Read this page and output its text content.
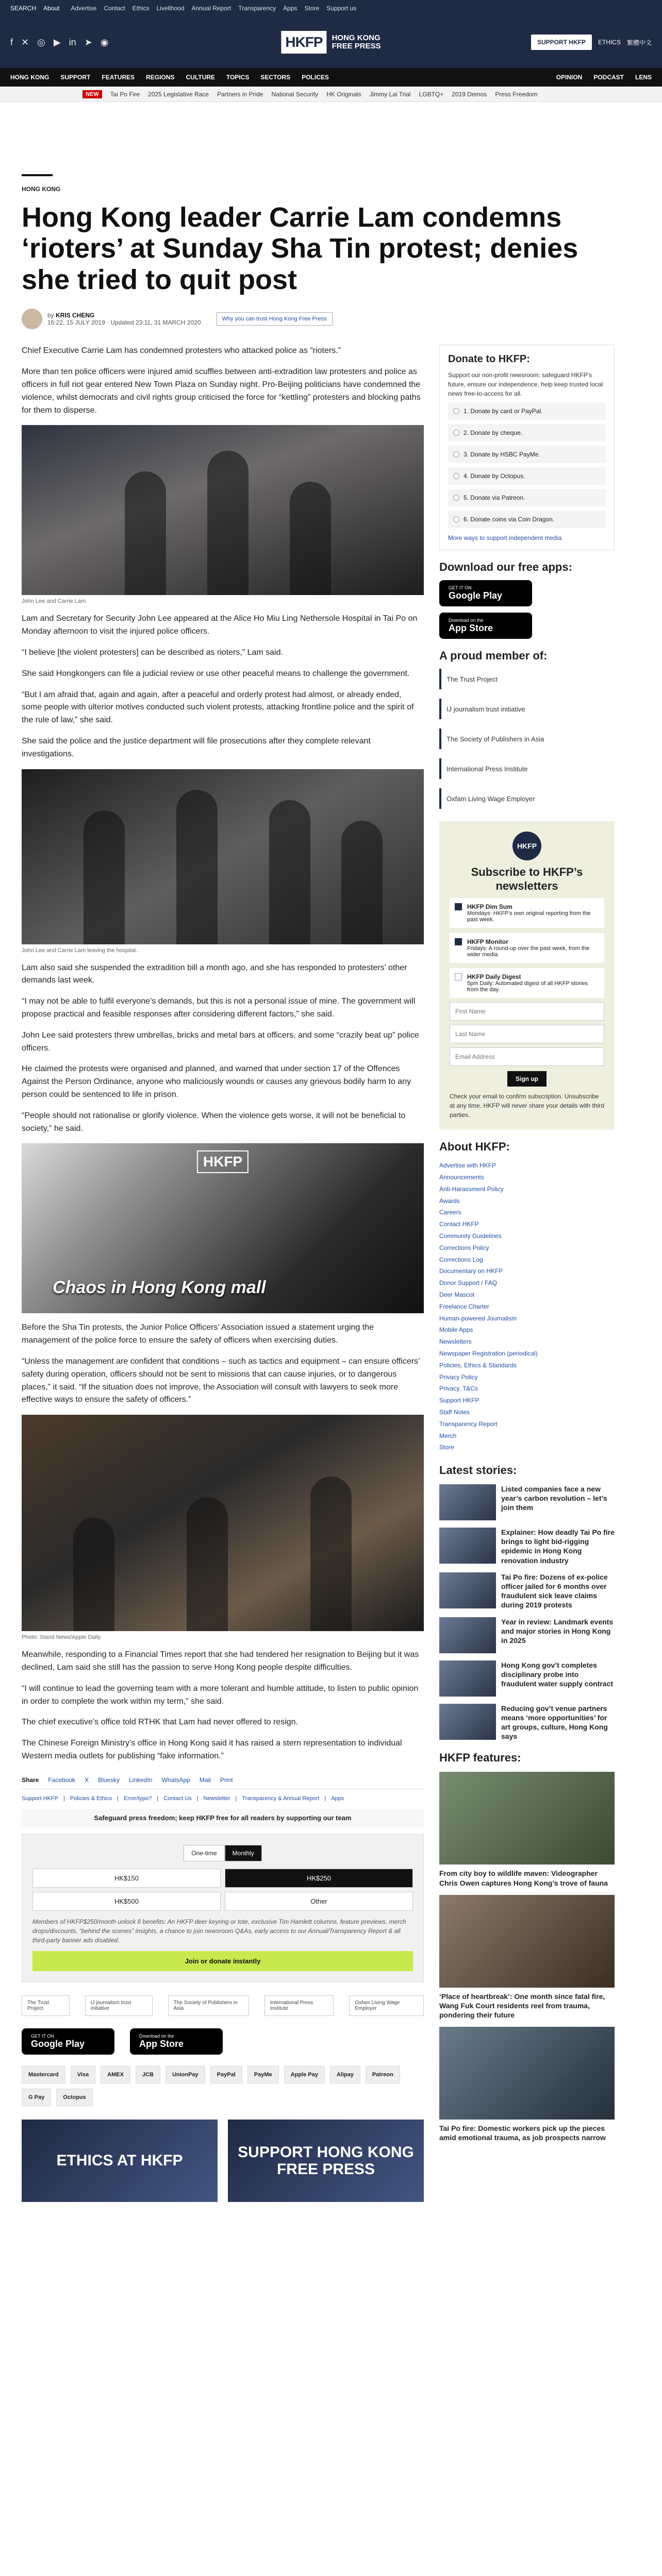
SEARCH About Advertise Contact Ethics Livelihood Annual Report Transparency Apps Store Support us
f ✕ ◎ ▶ in ➤ ◉	HKFP	HONG KONG
FREE PRESS	SUPPORT HKFP	ETHICS 繁體中文
HONG KONG SUPPORT FEATURES REGIONS CULTURE TOPICS SECTORS POLICES	OPINION PODCAST LENS
NEW	Tai Po Fire 2025 Legislative Race Partners in Pride National Security HK Originals Jimmy Lai Trial LGBTQ+ 2019 Demos Press Freedom
HONG KONG
Hong Kong leader Carrie Lam condemns ‘rioters’ at Sunday Sha Tin protest; denies she tried to quit post
by KRIS CHENG
16:22, 15 JULY 2019 · Updated 23:11, 31 MARCH 2020	Why you can trust Hong Kong Free Press

Chief Executive Carrie Lam has condemned protesters who attacked police as “rioters.”

More than ten police officers were injured amid scuffles between anti-extradition law protesters and police as officers in full riot gear entered New Town Plaza on Sunday night. Pro-Beijing politicians have condemned the violence, whilst democrats and civil rights group criticised the force for “kettling” protesters and blocking paths for them to disperse.

John Lee and Carrie Lam.

Lam and Secretary for Security John Lee appeared at the Alice Ho Miu Ling Nethersole Hospital in Tai Po on Monday afternoon to visit the injured police officers.

“I believe [the violent protesters] can be described as rioters,” Lam said.

She said Hongkongers can file a judicial review or use other peaceful means to challenge the government.

“But I am afraid that, again and again, after a peaceful and orderly protest had almost, or already ended, some people with ulterior motives conducted such violent protests, attacking frontline police and the spirit of the rule of law,” she said.

She said the police and the justice department will file prosecutions after they complete relevant investigations.

John Lee and Carrie Lam leaving the hospital.

Lam also said she suspended the extradition bill a month ago, and she has responded to protesters’ other demands last week.

“I may not be able to fulfil everyone’s demands, but this is not a personal issue of mine. The government will propose practical and feasible responses after considering different factors,” she said.

John Lee said protesters threw umbrellas, bricks and metal bars at officers, and some “crazily beat up” police officers.

He claimed the protests were organised and planned, and warned that under section 17 of the Offences Against the Person Ordinance, anyone who maliciously wounds or causes any grievous bodily harm to any person could be sentenced to life in prison.

“People should not rationalise or glorify violence. When the violence gets worse, it will not be beneficial to society,” he said.

HKFP
Chaos in Hong Kong mall

Before the Sha Tin protests, the Junior Police Officers’ Association issued a statement urging the management of the police force to ensure the safety of officers when exercising duties.

“Unless the management are confident that conditions – such as tactics and equipment – can ensure officers’ safety during operation, officers should not be sent to missions that can cause injuries, or to dangerous places,” it said. “If the situation does not improve, the Association will consult with lawyers to seek more effective ways to ensure the safety of officers.”

Photo: Stand News/Apple Daily.

Meanwhile, responding to a Financial Times report that she had tendered her resignation to Beijing but it was declined, Lam said she still has the passion to serve Hong Kong people despite difficulties.

“I will continue to lead the governing team with a more tolerant and humble attitude, to listen to public opinion in order to complete the work within my term,” she said.

The chief executive’s office told RTHK that Lam had never offered to resign.

The Chinese Foreign Ministry’s office in Hong Kong said it has raised a stern representation to individual Western media outlets for publishing “fake information.”

Share Facebook X Bluesky LinkedIn WhatsApp Mail Print
Support HKFP | Policies & Ethics | Error/typo? | Contact Us | Newsletter | Transparency & Annual Report | Apps
Safeguard press freedom; keep HKFP free for all readers by supporting our team
One-time	Monthly
HK$150	HK$250
HK$500	Other
Members of HKFP$250/month unlock 8 benefits: An HKFP deer keyring or tote, exclusive Tim Hamlett columns, feature previews, merch drops/discounts, “behind the scenes” insights, a chance to join newsroom Q&As, early access to our Annual/Transparency Report & all third-party banner ads disabled.
Join or donate instantly
The Trust Project
IJ journalism trust initiative
The Society of Publishers in Asia
International Press Institute
Oxfam Living Wage Employer
GET IT ON
Google Play
Download on the
App Store
Mastercard	Visa	AMEX	JCB	UnionPay	PayPal	PayMe	Apple Pay	Alipay	Patreon
G Pay	Octopus
ETHICS AT HKFP	SUPPORT HONG KONG FREE PRESS
Donate to HKFP:
Support our non-profit newsroom: safeguard HKFP's future, ensure our independence, help keep trusted local news free-to-access for all.
1. Donate by card or PayPal.
2. Donate by cheque.
3. Donate by HSBC PayMe.
4. Donate by Octopus.
5. Donate via Patreon.
6. Donate coins via Coin Dragon.
More ways to support independent media.
Download our free apps:
GET IT ON
Google Play
Download on the
App Store
A proud member of:
The Trust Project
IJ journalism trust initiative
The Society of Publishers in Asia
International Press Institute
Oxfam Living Wage Employer
HKFP
Subscribe to HKFP’s newsletters
HKFP Dim Sum
Mondays: HKFP's own original reporting from the past week.
HKFP Monitor
Fridays: A round-up over the past week, from the wider media.
HKFP Daily Digest
5pm Daily: Automated digest of all HKFP stories from the day.
First Name
Last Name
Email Address Sign up
Check your email to confirm subscription. Unsubscribe at any time. HKFP will never share your details with third parties.
About HKFP:
Advertise with HKFP
Announcements
Anti-Harassment Policy
Awards
Careers
Contact HKFP
Community Guidelines
Corrections Policy
Corrections Log
Documentary on HKFP
Donor Support / FAQ
Deer Mascot
Freelance Charter
Human-powered Journalism
Mobile Apps
Newsletters
Newspaper Registration (periodical)
Policies, Ethics & Standards
Privacy Policy
Privacy, T&Cs
Support HKFP
Staff Notes
Transparency Report
Merch
Store
Latest stories:
Listed companies face a new year’s carbon revolution – let’s join them
Explainer: How deadly Tai Po fire brings to light bid-rigging epidemic in Hong Kong renovation industry
Tai Po fire: Dozens of ex-police officer jailed for 6 months over fraudulent sick leave claims during 2019 protests
Year in review: Landmark events and major stories in Hong Kong in 2025
Hong Kong gov’t completes disciplinary probe into fraudulent water supply contract
Reducing gov’t venue partners means ‘more opportunities’ for art groups, culture, Hong Kong says
HKFP features:
From city boy to wildlife maven: Videographer Chris Owen captures Hong Kong’s trove of fauna
‘Place of heartbreak’: One month since fatal fire, Wang Fuk Court residents reel from trauma, pondering their future
Tai Po fire: Domestic workers pick up the pieces amid emotional trauma, as job prospects narrow
